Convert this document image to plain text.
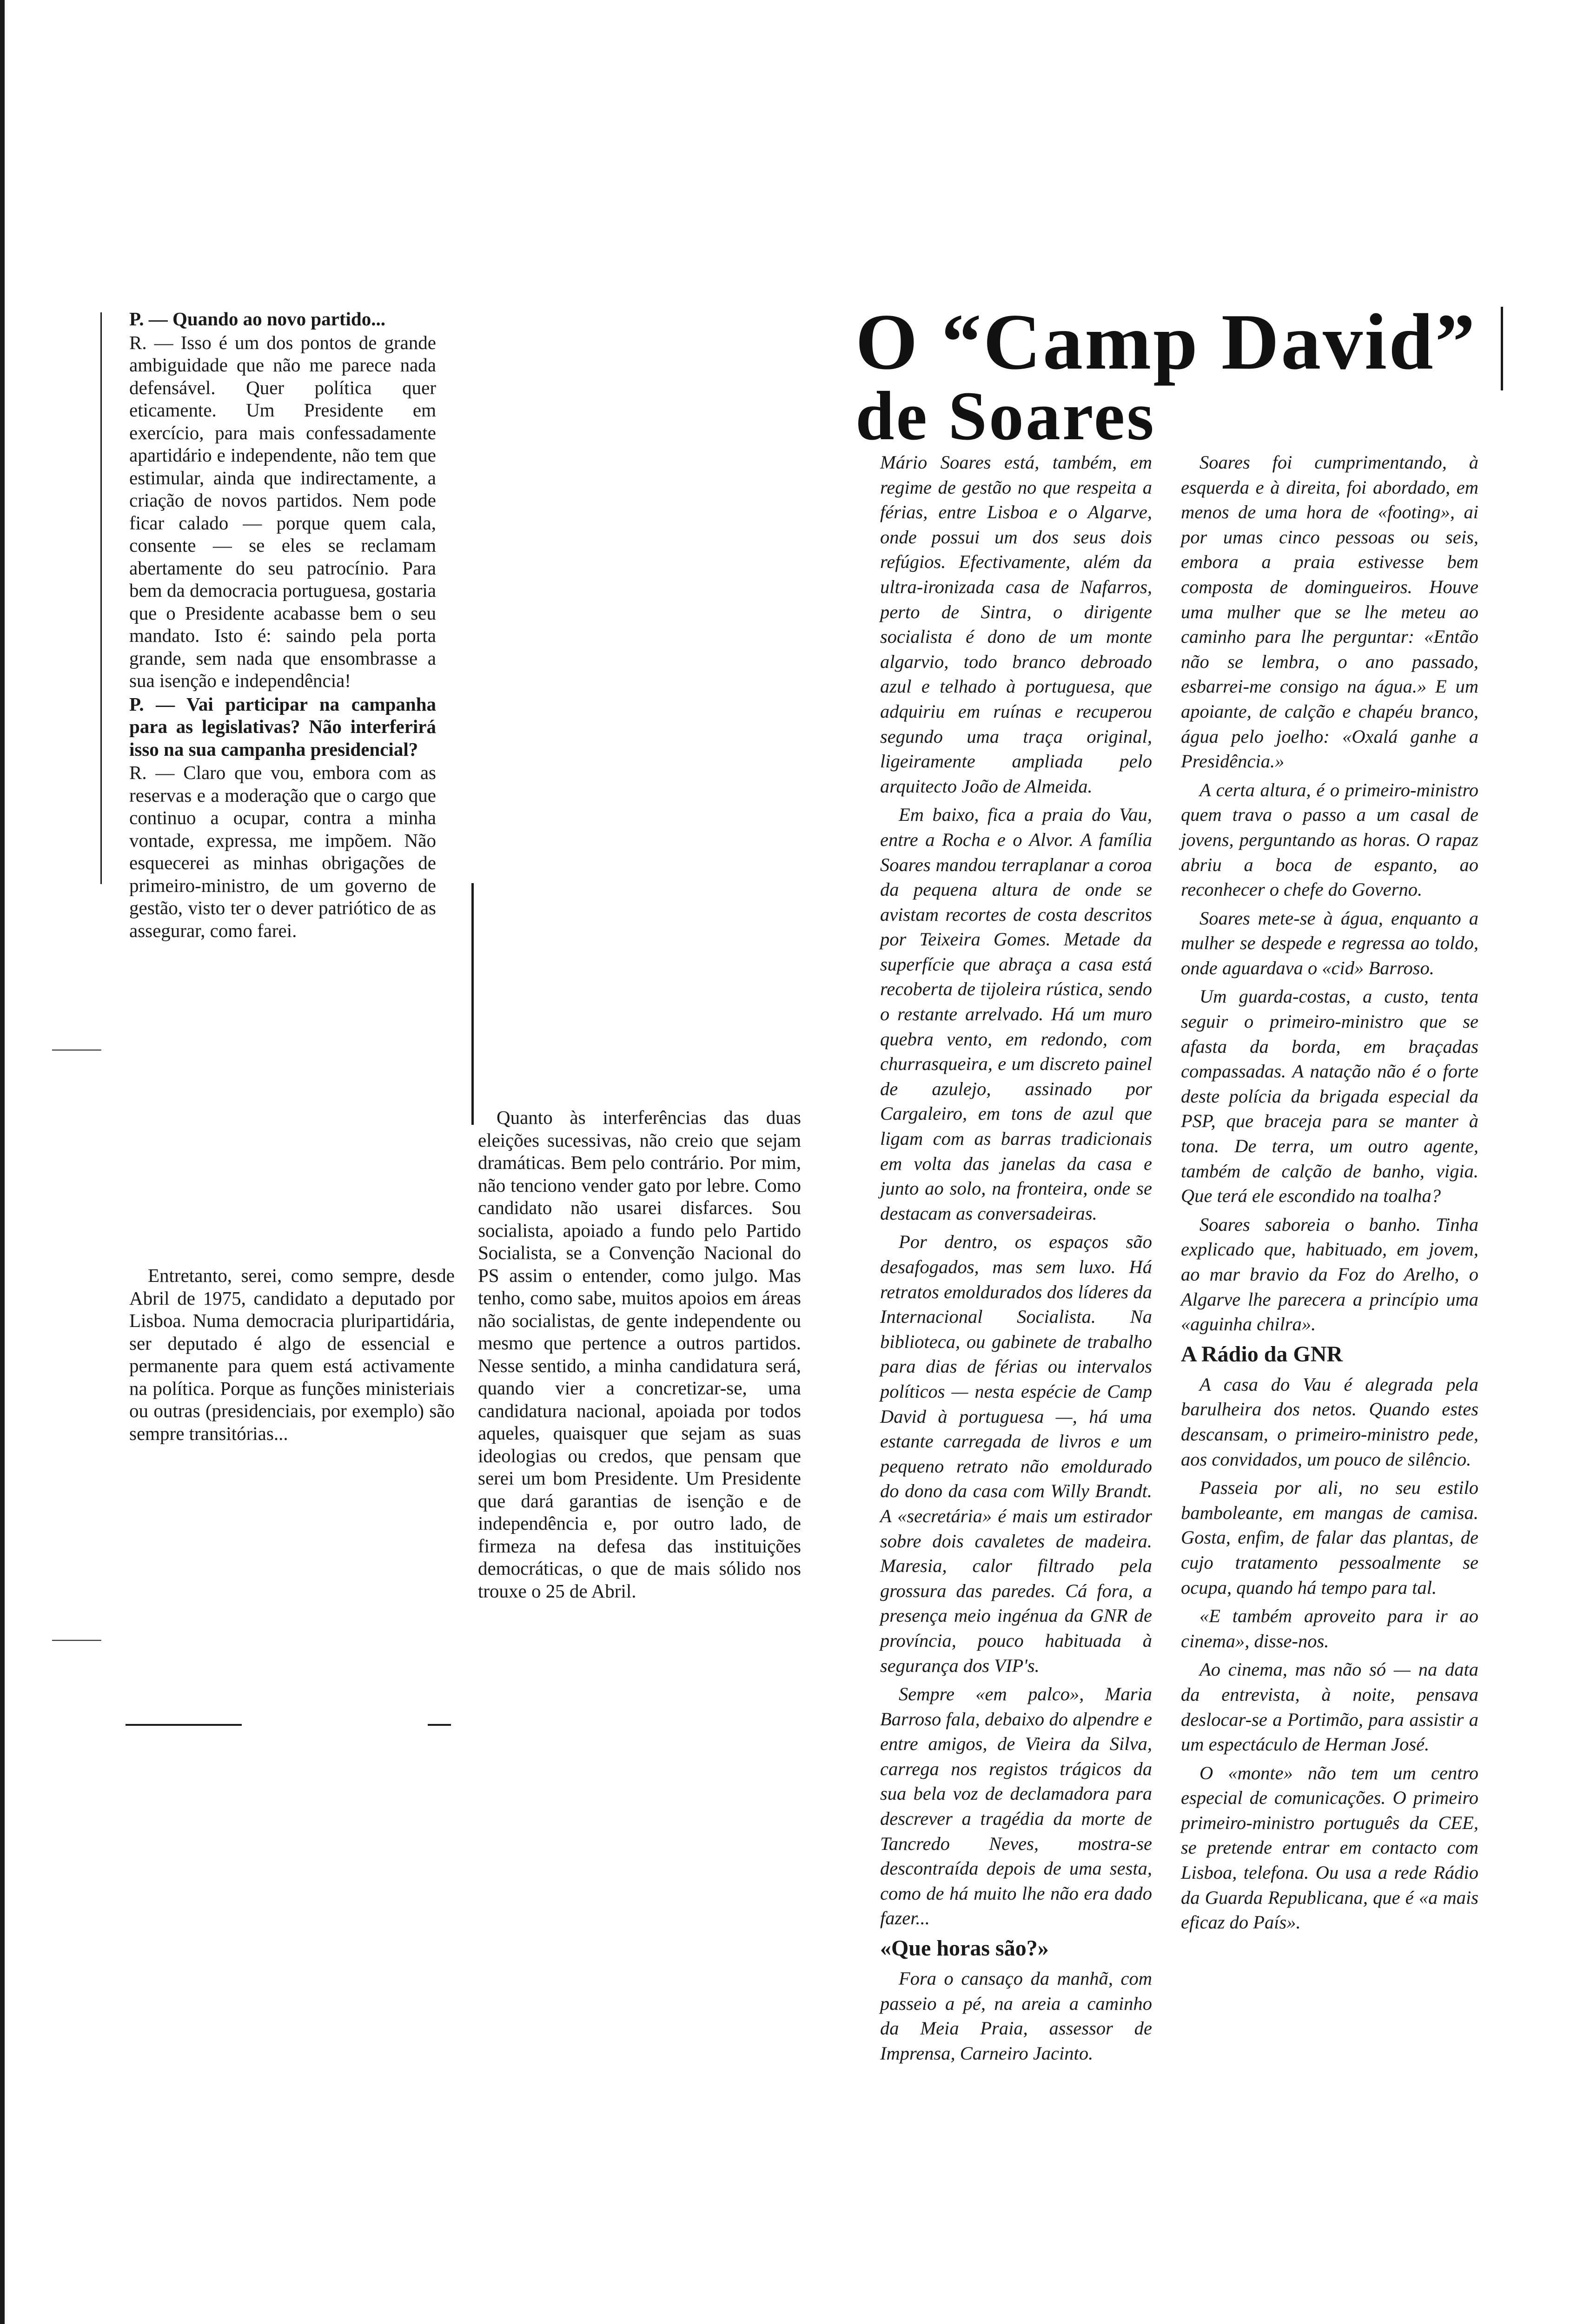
⸻
⸻

P. — Quando ao novo partido...

R. — Isso é um dos pontos de grande ambiguidade que não me parece nada defensável. Quer política quer eticamente. Um Presidente em exercício, para mais confessadamente apartidário e independente, não tem que estimular, ainda que indirectamente, a criação de novos partidos. Nem pode ficar calado — porque quem cala, consente — se eles se reclamam abertamente do seu patrocínio. Para bem da democracia portuguesa, gostaria que o Presidente acabasse bem o seu mandato. Isto é: saindo pela porta grande, sem nada que ensombrasse a sua isenção e independência!

P. — Vai participar na campanha para as legislativas? Não interferirá isso na sua campanha presidencial?

R. — Claro que vou, embora com as reservas e a moderação que o cargo que continuo a ocupar, contra a minha vontade, expressa, me impõem. Não esquecerei as minhas obrigações de primeiro-ministro, de um governo de gestão, visto ter o dever patriótico de as assegurar, como farei.

Entretanto, serei, como sempre, desde Abril de 1975, candidato a deputado por Lisboa. Numa democracia pluripartidária, ser deputado é algo de essencial e permanente para quem está activamente na política. Porque as funções ministeriais ou outras (presidenciais, por exemplo) são sempre transitórias...

Quanto às interferências das duas eleições sucessivas, não creio que sejam dramáticas. Bem pelo contrário. Por mim, não tenciono vender gato por lebre. Como candidato não usarei disfarces. Sou socialista, apoiado a fundo pelo Partido Socialista, se a Convenção Nacional do PS assim o entender, como julgo. Mas tenho, como sabe, muitos apoios em áreas não socialistas, de gente independente ou mesmo que pertence a outros partidos. Nesse sentido, a minha candidatura será, quando vier a concretizar-se, uma candidatura nacional, apoiada por todos aqueles, quaisquer que sejam as suas ideologias ou credos, que pensam que serei um bom Presidente. Um Presidente que dará garantias de isenção e de independência e, por outro lado, de firmeza na defesa das instituições democráticas, o que de mais sólido nos trouxe o 25 de Abril.

O “Camp David”
de Soares

Mário Soares está, também, em regime de gestão no que respeita a férias, entre Lisboa e o Algarve, onde possui um dos seus dois refúgios. Efectivamente, além da ultra-ironizada casa de Nafarros, perto de Sintra, o dirigente socialista é dono de um monte algarvio, todo branco debroado azul e telhado à portuguesa, que adquiriu em ruínas e recuperou segundo uma traça original, ligeiramente ampliada pelo arquitecto João de Almeida.

Em baixo, fica a praia do Vau, entre a Rocha e o Alvor. A família Soares mandou terraplanar a coroa da pequena altura de onde se avistam recortes de costa descritos por Teixeira Gomes. Metade da superfície que abraça a casa está recoberta de tijoleira rústica, sendo o restante arrelvado. Há um muro quebra vento, em redondo, com churrasqueira, e um discreto painel de azulejo, assinado por Cargaleiro, em tons de azul que ligam com as barras tradicionais em volta das janelas da casa e junto ao solo, na fronteira, onde se destacam as conversadeiras.

Por dentro, os espaços são desafogados, mas sem luxo. Há retratos emoldurados dos líderes da Internacional Socialista. Na biblioteca, ou gabinete de trabalho para dias de férias ou intervalos políticos — nesta espécie de Camp David à portuguesa —, há uma estante carregada de livros e um pequeno retrato não emoldurado do dono da casa com Willy Brandt. A «secretária» é mais um estirador sobre dois cavaletes de madeira. Maresia, calor filtrado pela grossura das paredes. Cá fora, a presença meio ingénua da GNR de província, pouco habituada à segurança dos VIP's.

Sempre «em palco», Maria Barroso fala, debaixo do alpendre e entre amigos, de Vieira da Silva, carrega nos registos trágicos da sua bela voz de declamadora para descrever a tragédia da morte de Tancredo Neves, mostra-se descontraída depois de uma sesta, como de há muito lhe não era dado fazer...

«Que horas são?»

Fora o cansaço da manhã, com passeio a pé, na areia a caminho da Meia Praia, assessor de Imprensa, Carneiro Jacinto.

Soares foi cumprimentando, à esquerda e à direita, foi abordado, em menos de uma hora de «footing», ai por umas cinco pessoas ou seis, embora a praia estivesse bem composta de domingueiros. Houve uma mulher que se lhe meteu ao caminho para lhe perguntar: «Então não se lembra, o ano passado, esbarrei-me consigo na água.» E um apoiante, de calção e chapéu branco, água pelo joelho: «Oxalá ganhe a Presidência.»

A certa altura, é o primeiro-ministro quem trava o passo a um casal de jovens, perguntando as horas. O rapaz abriu a boca de espanto, ao reconhecer o chefe do Governo.

Soares mete-se à água, enquanto a mulher se despede e regressa ao toldo, onde aguardava o «cid» Barroso.

Um guarda-costas, a custo, tenta seguir o primeiro-ministro que se afasta da borda, em braçadas compassadas. A natação não é o forte deste polícia da brigada especial da PSP, que braceja para se manter à tona. De terra, um outro agente, também de calção de banho, vigia. Que terá ele escondido na toalha?

Soares saboreia o banho. Tinha explicado que, habituado, em jovem, ao mar bravio da Foz do Arelho, o Algarve lhe parecera a princípio uma «aguinha chilra».

A Rádio da GNR

A casa do Vau é alegrada pela barulheira dos netos. Quando estes descansam, o primeiro-ministro pede, aos convidados, um pouco de silêncio.

Passeia por ali, no seu estilo bamboleante, em mangas de camisa. Gosta, enfim, de falar das plantas, de cujo tratamento pessoalmente se ocupa, quando há tempo para tal.

«E também aproveito para ir ao cinema», disse-nos.

Ao cinema, mas não só — na data da entrevista, à noite, pensava deslocar-se a Portimão, para assistir a um espectáculo de Herman José.

O «monte» não tem um centro especial de comunicações. O primeiro primeiro-ministro português da CEE, se pretende entrar em contacto com Lisboa, telefona. Ou usa a rede Rádio da Guarda Republicana, que é «a mais eficaz do País».
